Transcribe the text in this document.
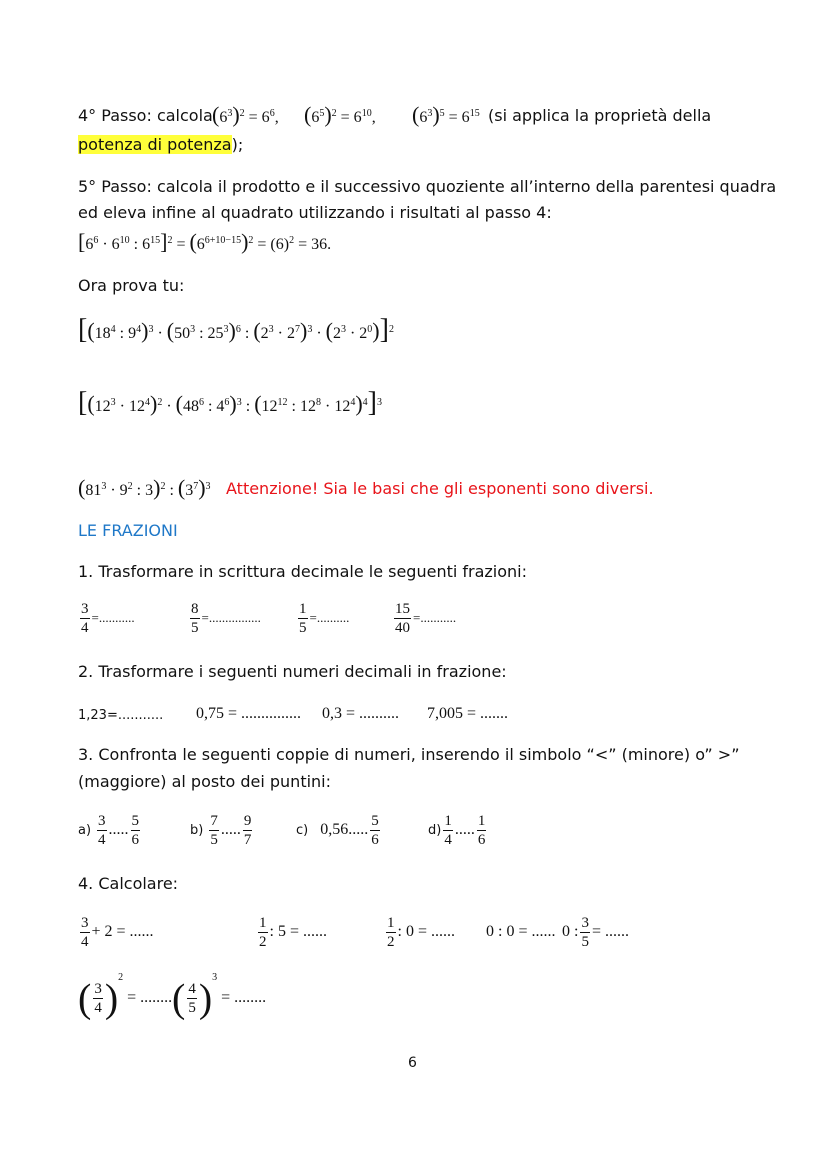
4° Passo: calcola $(6^3)^2 = 6^6$, $(6^5)^2 = 6^{10}$, $(6^3)^5 = 6^{15}$ (si applica la proprietà della
potenza di potenza);
5° Passo: calcola il prodotto e il successivo quoziente all’interno della parentesi quadra
ed eleva infine al quadrato utilizzando i risultati al passo 4:
[$6^6 \cdot 6^{10}$ : $6^{15}]^2 = (6^{6+10-15})^2 = (6)^2 = 36$.
Ora prova tu:
[($18^4$ : $9^4)^3 \cdot (50^3$ : $25^3)^6$ : $(2^3 \cdot 2^7)^3 \cdot (2^3 \cdot 2^0)]^2$
[$(12^3 \cdot 12^4)^2 \cdot (48^6$ : $4^6)^3$ : ($12^{12}$ : $12^8 \cdot 12^4)^4]^3$
($81^3 \cdot 9^2$ : 3)$^2$ : $(3^7)^3$ Attenzione! Sia le basi che gli esponenti sono diversi.
LE FRAZIONI
1. Trasformare in scrittura decimale le seguenti frazioni:
$\frac{3}{4}$ =...........	$\frac{8}{5}$ =................ $\frac{1}{5}$ =..........	$\frac{15}{40}$ =...........
2. Trasformare i seguenti numeri decimali in frazione:
1,23=........... 0,75 = ............... 0,3 = .......... 7,005 = .......
3. Confronta le seguenti coppie di numeri, inserendo il simbolo “<” (minore) o” >”
(maggiore) al posto dei puntini:
$a) \frac{3}{4}$ ..... $\frac{5}{6}$	$b) \frac{7}{5}$ ..... $\frac{9}{7}$	c) 0,56..... $\frac{5}{6}$	$d) \frac{1}{4}$ ..... $\frac{1}{6}$
4. Calcolare:
$\frac{3}{4} + 2$ = ......	$\frac{1}{2}$ : 5 = ......	$\frac{1}{2}$ : 0 = ...... 0 : 0 = ...... 0 : $\frac{3}{5}$ = ......
( $\frac{3}{4} )^2$ = ........ ( $\frac{4}{5} )^3$ = ........
6
